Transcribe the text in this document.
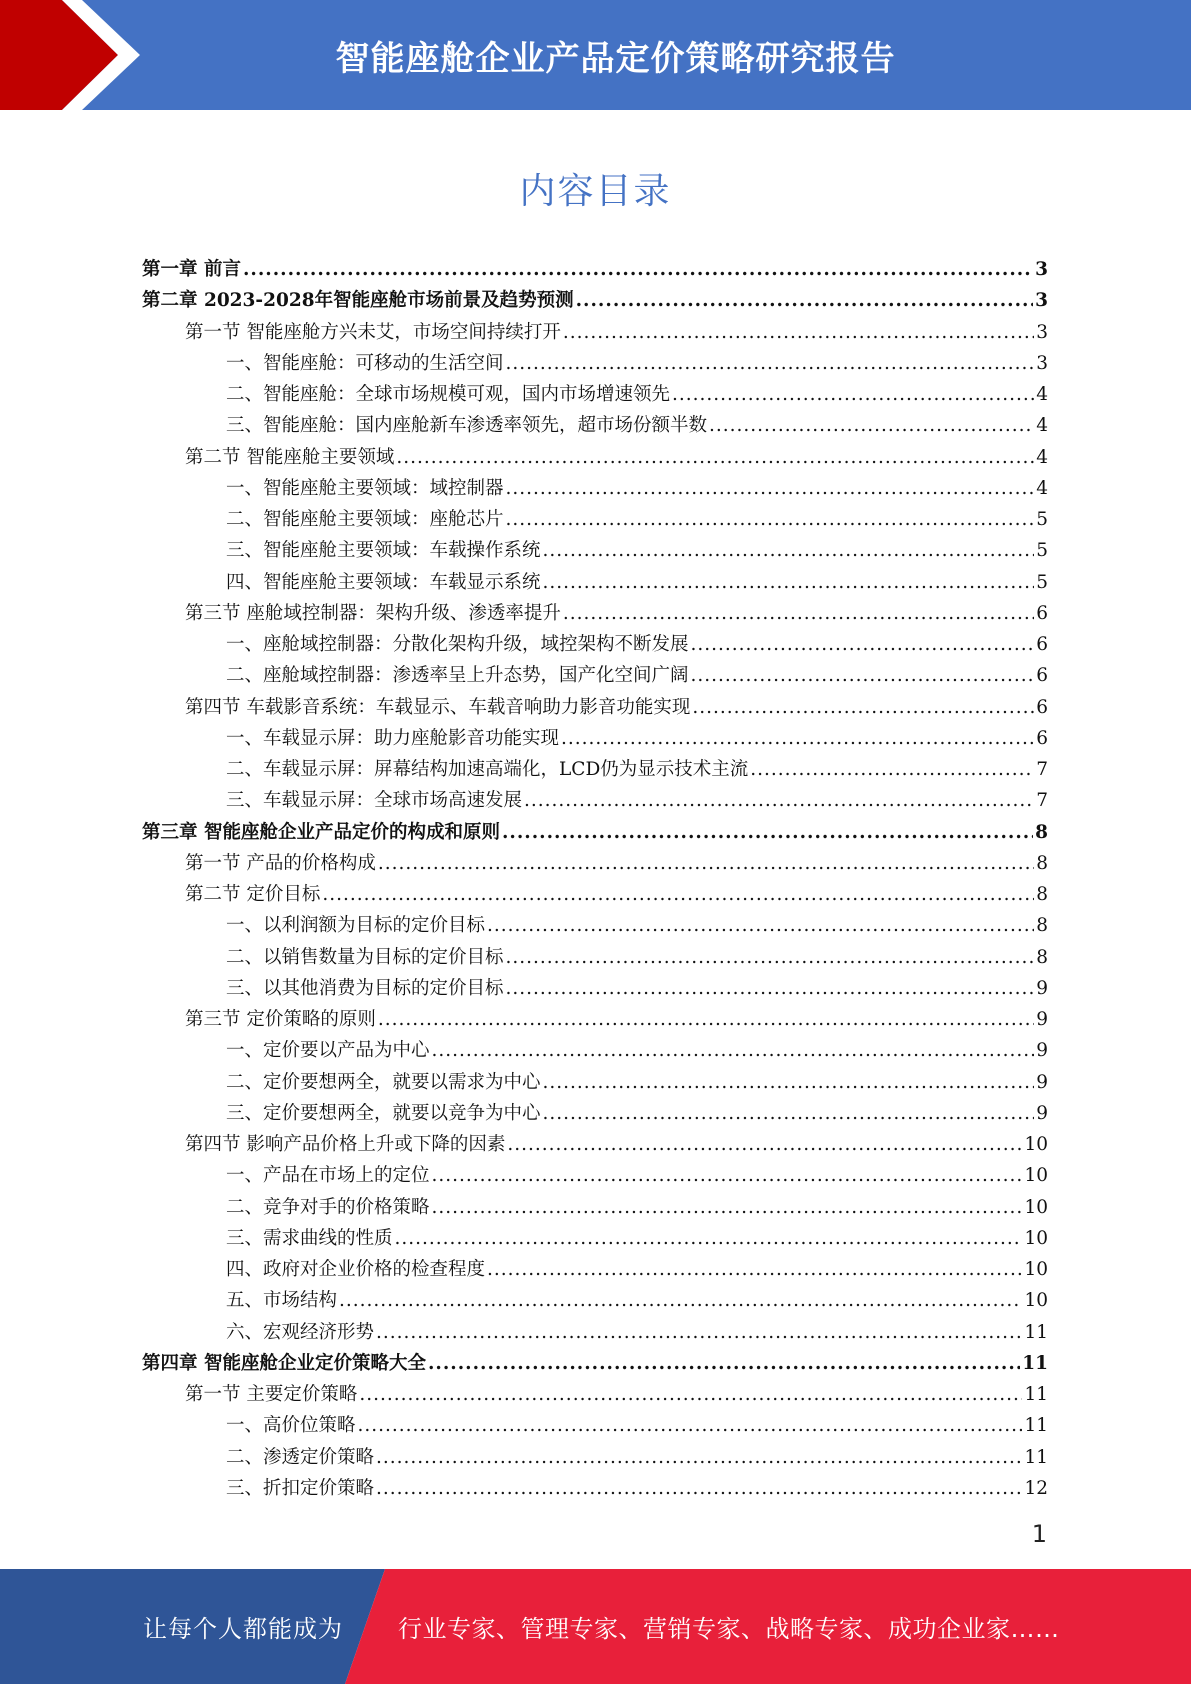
智能座舱企业产品定价策略研究报告
内容目录
第一章 前言 .....	3
第二章 2023-2028年智能座舱市场前景及趋势预测 .....	3
第一节 智能座舱方兴未艾，市场空间持续打开 .....	3
一、智能座舱：可移动的生活空间 .....	3
二、智能座舱：全球市场规模可观，国内市场增速领先 .....	4
三、智能座舱：国内座舱新车渗透率领先，超市场份额半数 .....	4
第二节 智能座舱主要领域 .....	4
一、智能座舱主要领域：域控制器 .....	4
二、智能座舱主要领域：座舱芯片 .....	5
三、智能座舱主要领域：车载操作系统 .....	5
四、智能座舱主要领域：车载显示系统 .....	5
第三节 座舱域控制器：架构升级、渗透率提升 .....	6
一、座舱域控制器：分散化架构升级，域控架构不断发展 .....	6
二、座舱域控制器：渗透率呈上升态势，国产化空间广阔 .....	6
第四节 车载影音系统：车载显示、车载音响助力影音功能实现 .....	6
一、车载显示屏：助力座舱影音功能实现 .....	6
二、车载显示屏：屏幕结构加速高端化，LCD仍为显示技术主流 .....	7
三、车载显示屏：全球市场高速发展 .....	7
第三章 智能座舱企业产品定价的构成和原则 .....	8
第一节 产品的价格构成 .....	8
第二节 定价目标 .....	8
一、以利润额为目标的定价目标 .....	8
二、以销售数量为目标的定价目标 .....	8
三、以其他消费为目标的定价目标 .....	9
第三节 定价策略的原则 .....	9
一、定价要以产品为中心 .....	9
二、定价要想两全，就要以需求为中心 .....	9
三、定价要想两全，就要以竞争为中心 .....	9
第四节 影响产品价格上升或下降的因素 .....	10
一、产品在市场上的定位 .....	10
二、竞争对手的价格策略 .....	10
三、需求曲线的性质 .....	10
四、政府对企业价格的检查程度 .....	10
五、市场结构 .....	10
六、宏观经济形势 .....	11
第四章 智能座舱企业定价策略大全 .....	11
第一节 主要定价策略 .....	11
一、高价位策略 .....	11
二、渗透定价策略 .....	11
三、折扣定价策略 .....	12
1
让每个人都能成为 行业专家、管理专家、营销专家、战略专家、成功企业家……
